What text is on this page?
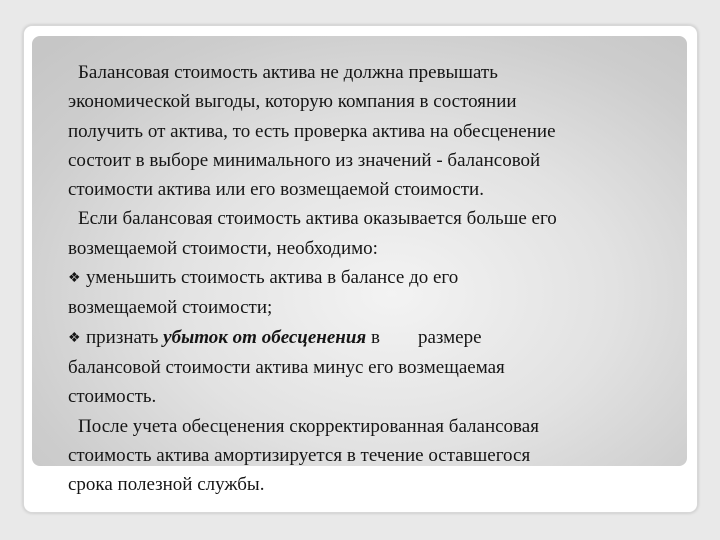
Балансовая стоимость актива не должна превышать
экономической выгоды, которую компания в состоянии
получить от актива, то есть проверка актива на обесценение
состоит в выборе минимального из значений - балансовой
стоимости актива или его возмещаемой стоимости.
Если балансовая стоимость актива оказывается больше его
возмещаемой стоимости, необходимо:
❖ уменьшить стоимость актива в балансе до его
возмещаемой стоимости;
❖ признать убыток от обесценения в размере
балансовой стоимости актива минус его возмещаемая
стоимость.
После учета обесценения скорректированная балансовая
стоимость актива амортизируется в течение оставшегося
срока полезной службы.
